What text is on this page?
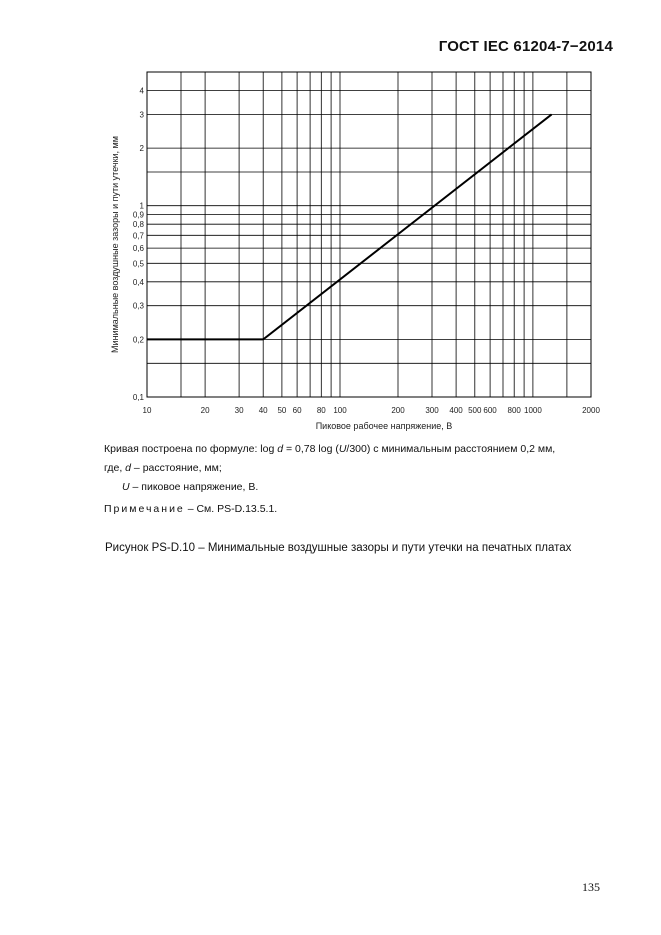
ГОСТ IEC 61204-7−2014
10	20	30 40 50 60 80 100	200	300 400 500 600 800 1000	2000
0,1
0,2
0,3
0,4
0,5
0,6
0,7
0,8
0,9
1
2
3
4
Пиковое рабочее напряжение, В
Минимальные воздушные зазоры и пути утечки, мм

Кривая построена по формуле: log d = 0,78 log (U/300) с минимальным расстоянием 0,2 мм,

где, d – расстояние, мм;

U – пиковое напряжение, В.

Примечание – См. PS-D.13.5.1.

Рисунок PS-D.10 – Минимальные воздушные зазоры и пути утечки на печатных платах
135
